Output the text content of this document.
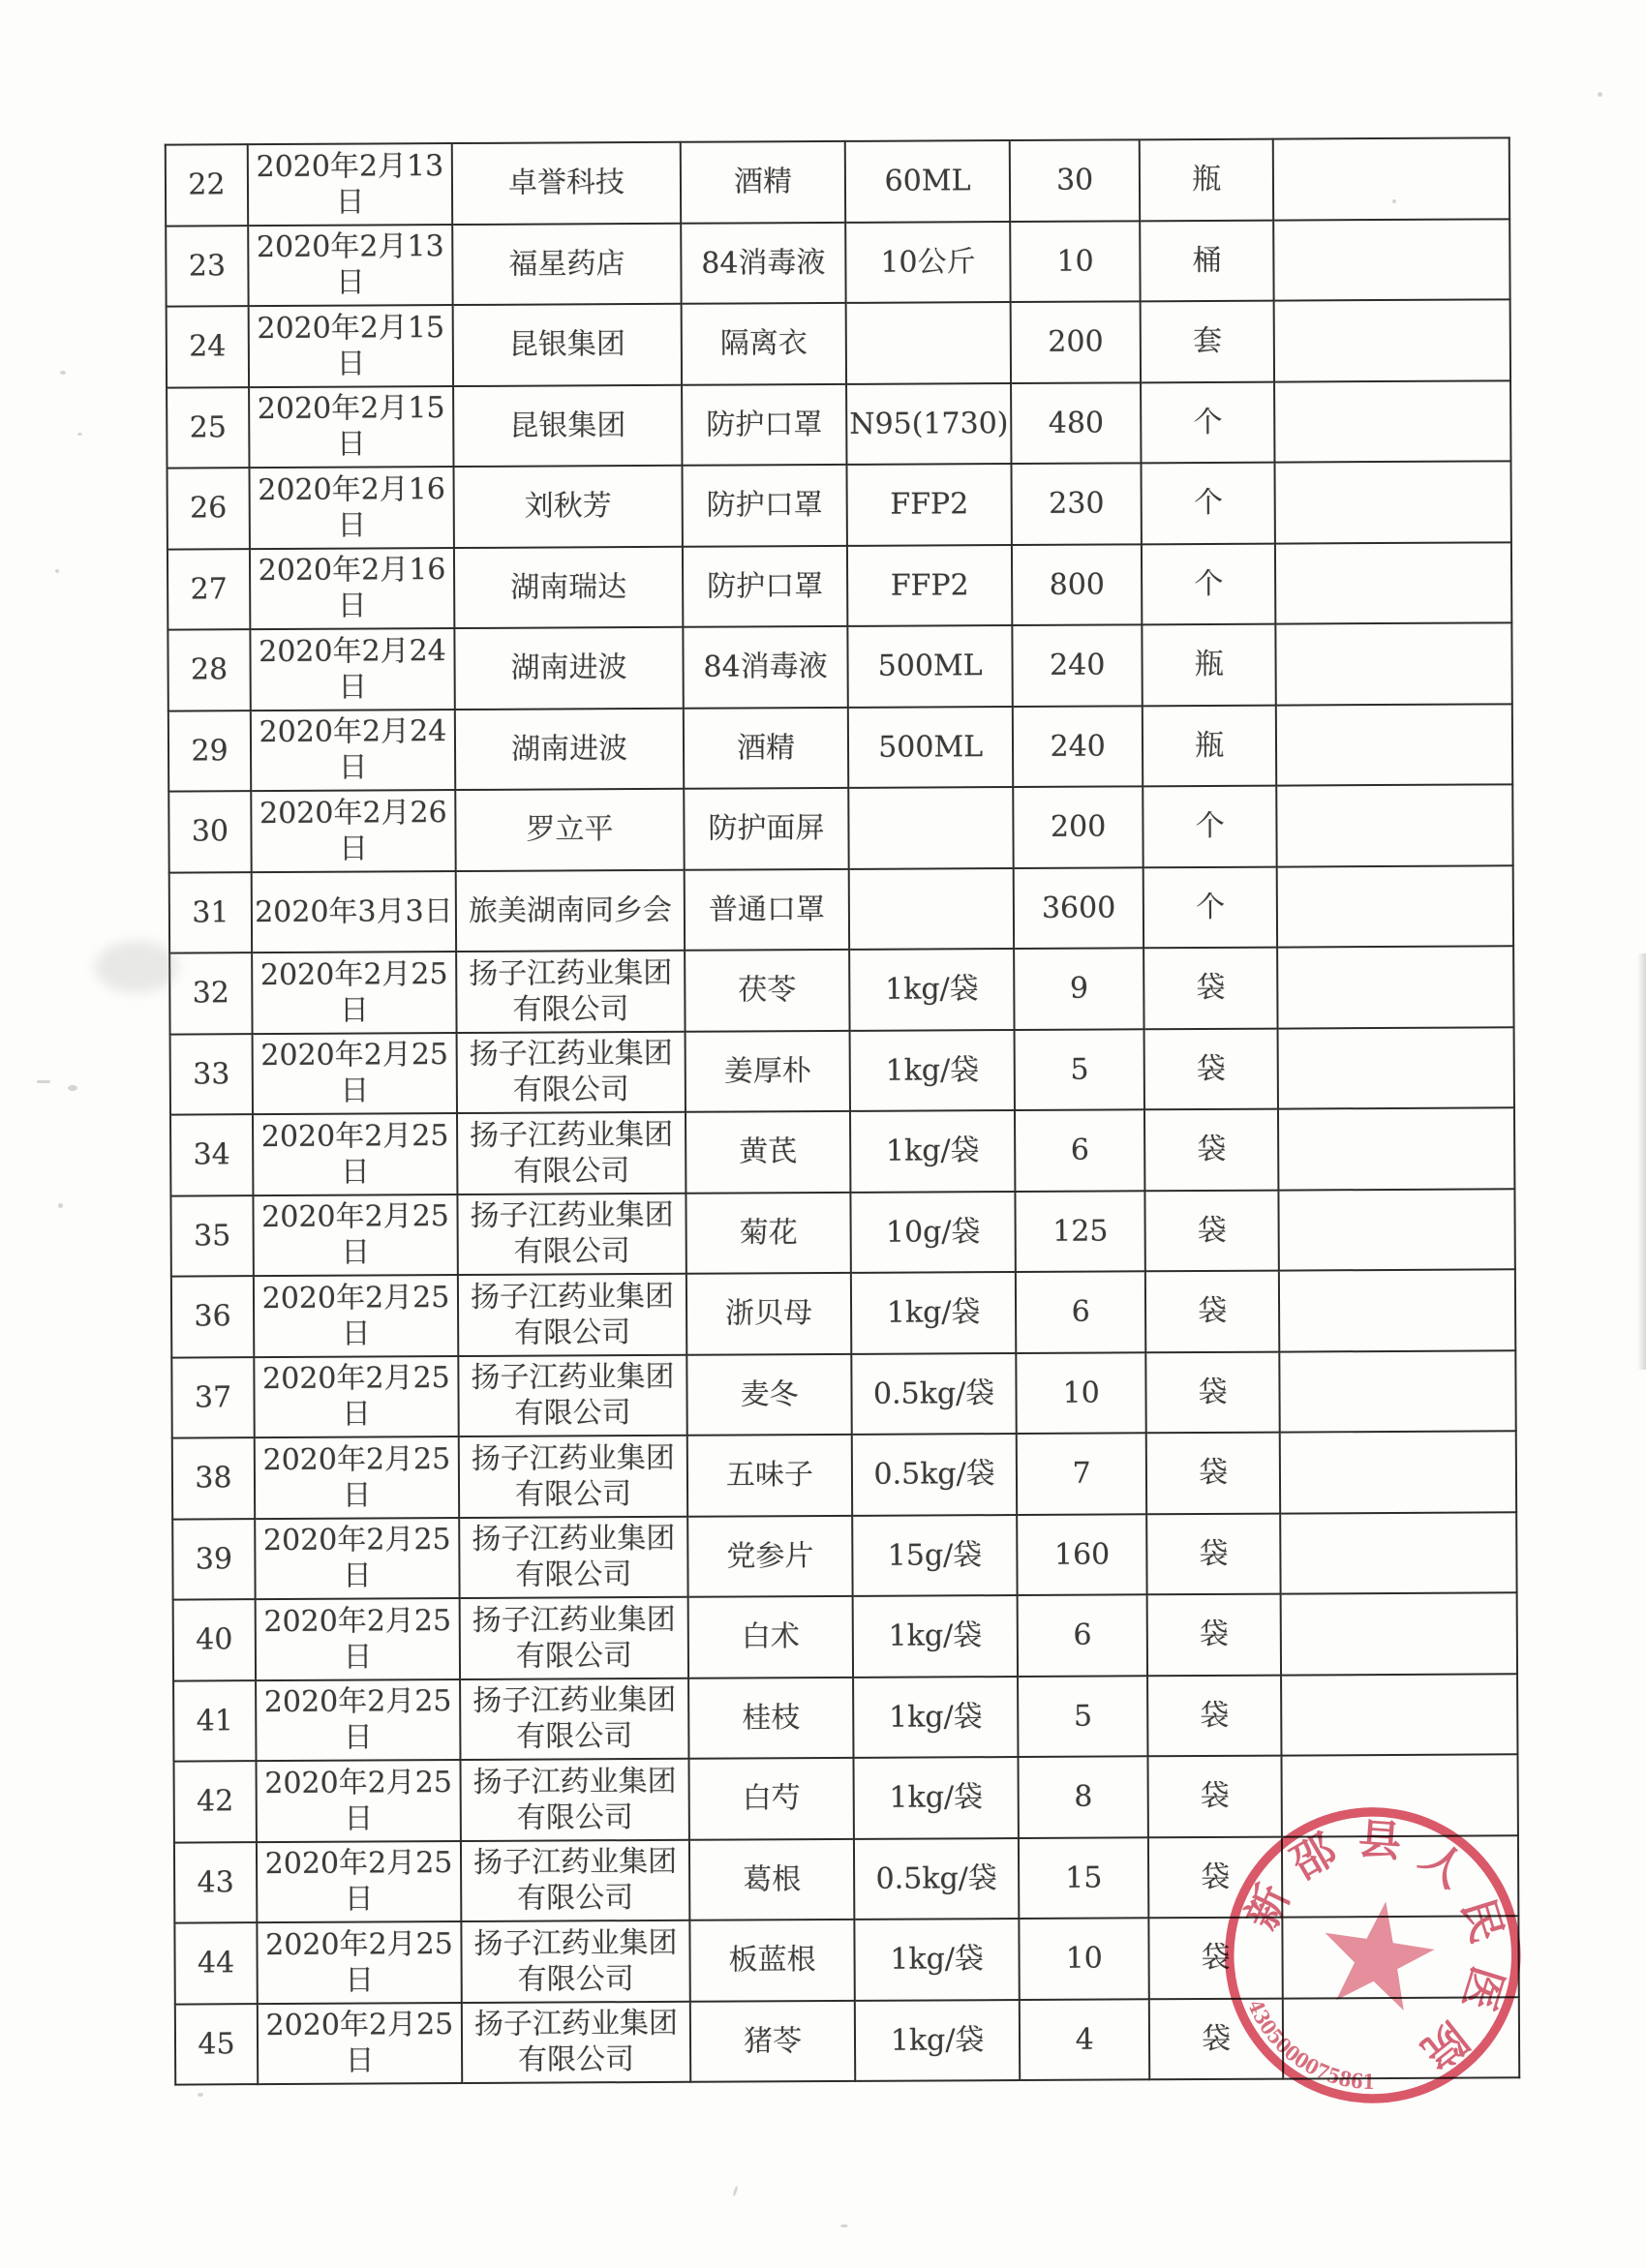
22	2020年2月13日	卓誉科技	酒精	60ML	30	瓶	
23	2020年2月13日	福星药店	84消毒液	10公斤	10	桶	
24	2020年2月15日	昆银集团	隔离衣		200	套	
25	2020年2月15日	昆银集团	防护口罩	N95(1730)	480	个	
26	2020年2月16日	刘秋芳	防护口罩	FFP2	230	个	
27	2020年2月16日	湖南瑞达	防护口罩	FFP2	800	个	
28	2020年2月24日	湖南进波	84消毒液	500ML	240	瓶	
29	2020年2月24日	湖南进波	酒精	500ML	240	瓶	
30	2020年2月26日	罗立平	防护面屏		200	个	
31	2020年3月3日	旅美湖南同乡会	普通口罩		3600	个	
32	2020年2月25日	扬子江药业集团
有限公司	茯苓	1kg/袋	9	袋	
33	2020年2月25日	扬子江药业集团
有限公司	姜厚朴	1kg/袋	5	袋	
34	2020年2月25日	扬子江药业集团
有限公司	黄芪	1kg/袋	6	袋	
35	2020年2月25日	扬子江药业集团
有限公司	菊花	10g/袋	125	袋	
36	2020年2月25日	扬子江药业集团
有限公司	浙贝母	1kg/袋	6	袋	
37	2020年2月25日	扬子江药业集团
有限公司	麦冬	0.5kg/袋	10	袋	
38	2020年2月25日	扬子江药业集团
有限公司	五味子	0.5kg/袋	7	袋	
39	2020年2月25日	扬子江药业集团
有限公司	党参片	15g/袋	160	袋	
40	2020年2月25日	扬子江药业集团
有限公司	白术	1kg/袋	6	袋	
41	2020年2月25日	扬子江药业集团
有限公司	桂枝	1kg/袋	5	袋	
42	2020年2月25日	扬子江药业集团
有限公司	白芍	1kg/袋	8	袋	
43	2020年2月25日	扬子江药业集团
有限公司	葛根	0.5kg/袋	15	袋	
44	2020年2月25日	扬子江药业集团
有限公司	板蓝根	1kg/袋	10	袋	
45	2020年2月25日	扬子江药业集团
有限公司	猪苓	1kg/袋	4	袋	
新邵县人民医院
4305000075861
